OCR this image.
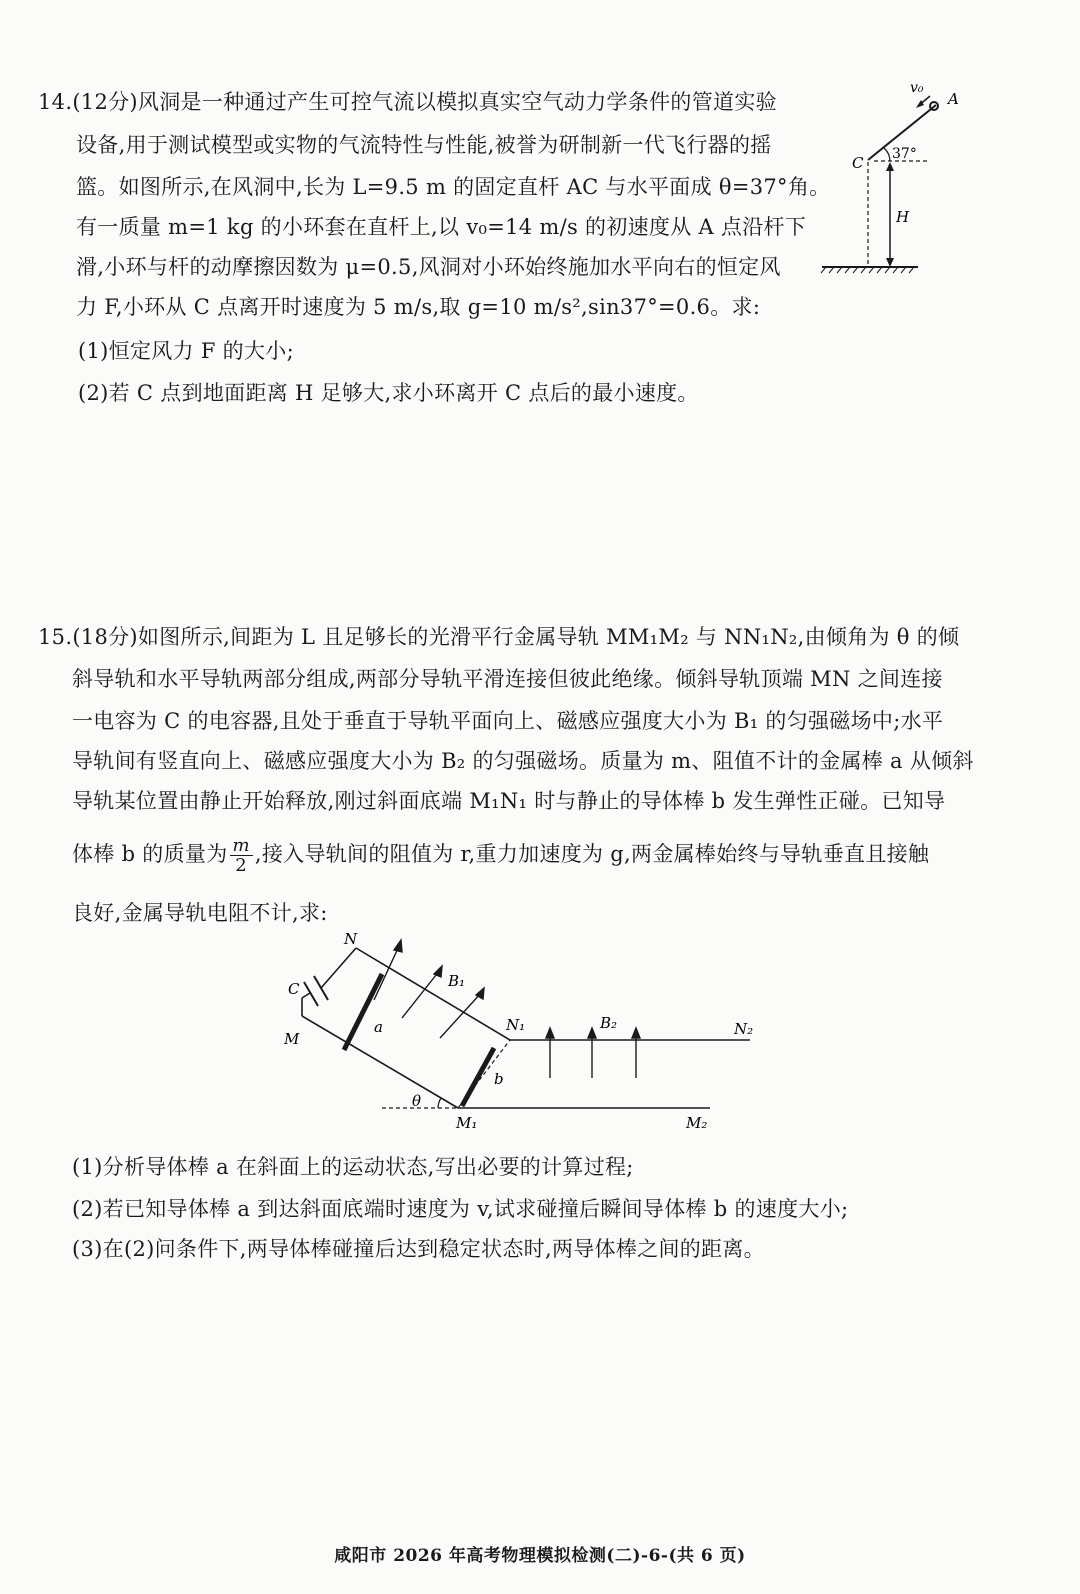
14.(12分)风洞是一种通过产生可控气流以模拟真实空气动力学条件的管道实验
设备,用于测试模型或实物的气流特性与性能,被誉为研制新一代飞行器的摇
篮。如图所示,在风洞中,长为 L=9.5 m 的固定直杆 AC 与水平面成 θ=37°角。
有一质量 m=1 kg 的小环套在直杆上,以 v₀=14 m/s 的初速度从 A 点沿杆下
滑,小环与杆的动摩擦因数为 μ=0.5,风洞对小环始终施加水平向右的恒定风
力 F,小环从 C 点离开时速度为 5 m/s,取 g=10 m/s²,sin37°=0.6。求:
(1)恒定风力 F 的大小;
(2)若 C 点到地面距离 H 足够大,求小环离开 C 点后的最小速度。
v₀
A
C 37°
H
15.(18分)如图所示,间距为 L 且足够长的光滑平行金属导轨 MM₁M₂ 与 NN₁N₂,由倾角为 θ 的倾
斜导轨和水平导轨两部分组成,两部分导轨平滑连接但彼此绝缘。倾斜导轨顶端 MN 之间连接
一电容为 C 的电容器,且处于垂直于导轨平面向上、磁感应强度大小为 B₁ 的匀强磁场中;水平
导轨间有竖直向上、磁感应强度大小为 B₂ 的匀强磁场。质量为 m、阻值不计的金属棒 a 从倾斜
导轨某位置由静止开始释放,刚过斜面底端 M₁N₁ 时与静止的导体棒 b 发生弹性正碰。已知导
体棒 b 的质量为 $\frac{m}{2}$ ,接入导轨间的阻值为 r,重力加速度为 g,两金属棒始终与导轨垂直且接触
良好,金属导轨电阻不计,求:
N
C
M
a
B₁
N₁	B₂	N₂
b
θ
M₁	M₂
(1)分析导体棒 a 在斜面上的运动状态,写出必要的计算过程;
(2)若已知导体棒 a 到达斜面底端时速度为 v,试求碰撞后瞬间导体棒 b 的速度大小;
(3)在(2)问条件下,两导体棒碰撞后达到稳定状态时,两导体棒之间的距离。
咸阳市 2026 年高考物理模拟检测(二)-6-(共 6 页)
